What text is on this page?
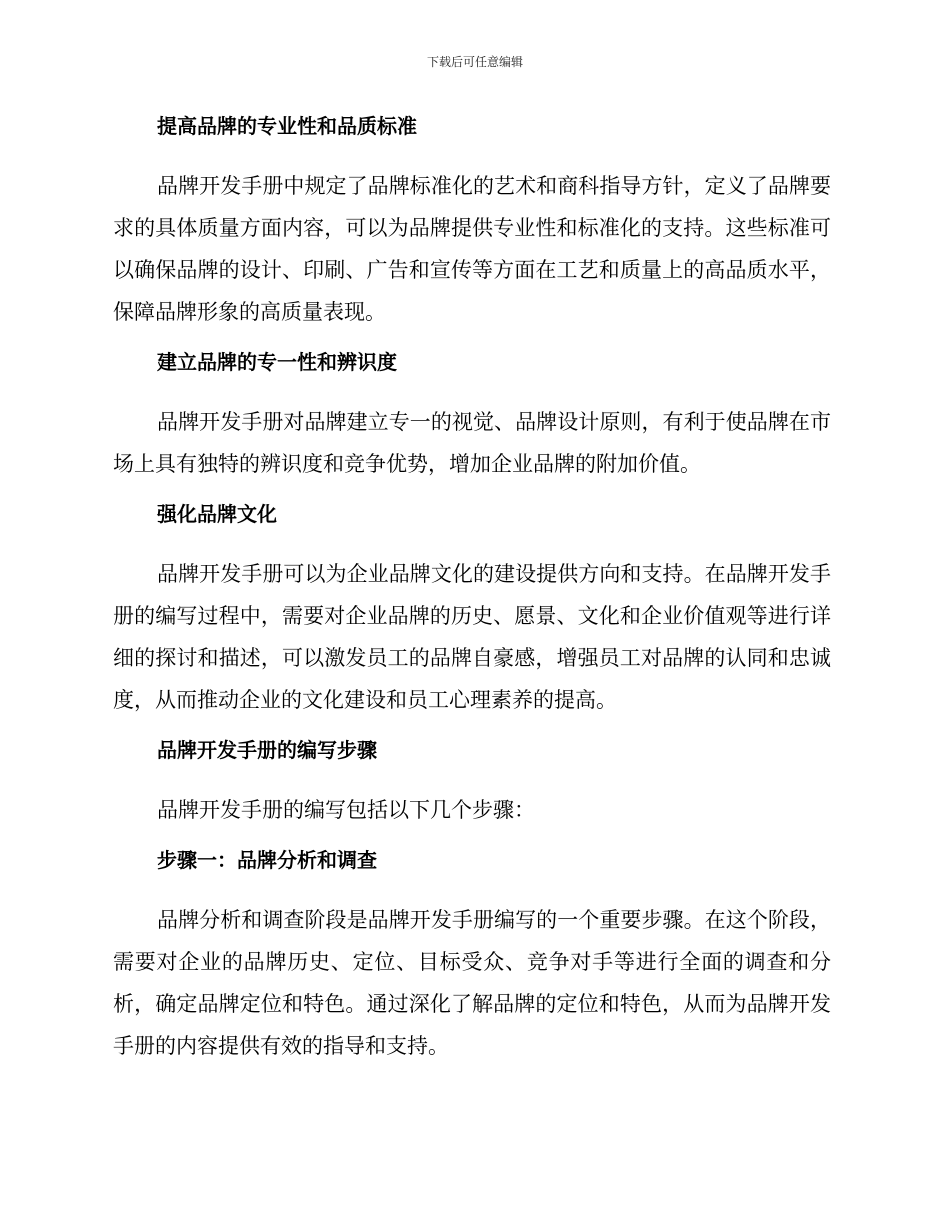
下载后可任意编辑
提高品牌的专业性和品质标准

品牌开发手册中规定了品牌标准化的艺术和商科指导方针，定义了品牌要求的具体质量方面内容，可以为品牌提供专业性和标准化的支持。这些标准可以确保品牌的设计、印刷、广告和宣传等方面在工艺和质量上的高品质水平，保障品牌形象的高质量表现。

建立品牌的专一性和辨识度

品牌开发手册对品牌建立专一的视觉、品牌设计原则，有利于使品牌在市场上具有独特的辨识度和竞争优势，增加企业品牌的附加价值。

强化品牌文化

品牌开发手册可以为企业品牌文化的建设提供方向和支持。在品牌开发手册的编写过程中，需要对企业品牌的历史、愿景、文化和企业价值观等进行详细的探讨和描述，可以激发员工的品牌自豪感，增强员工对品牌的认同和忠诚度，从而推动企业的文化建设和员工心理素养的提高。

品牌开发手册的编写步骤

品牌开发手册的编写包括以下几个步骤：

步骤一：品牌分析和调查

品牌分析和调查阶段是品牌开发手册编写的一个重要步骤。在这个阶段，需要对企业的品牌历史、定位、目标受众、竞争对手等进行全面的调查和分析，确定品牌定位和特色。通过深化了解品牌的定位和特色，从而为品牌开发手册的内容提供有效的指导和支持。
